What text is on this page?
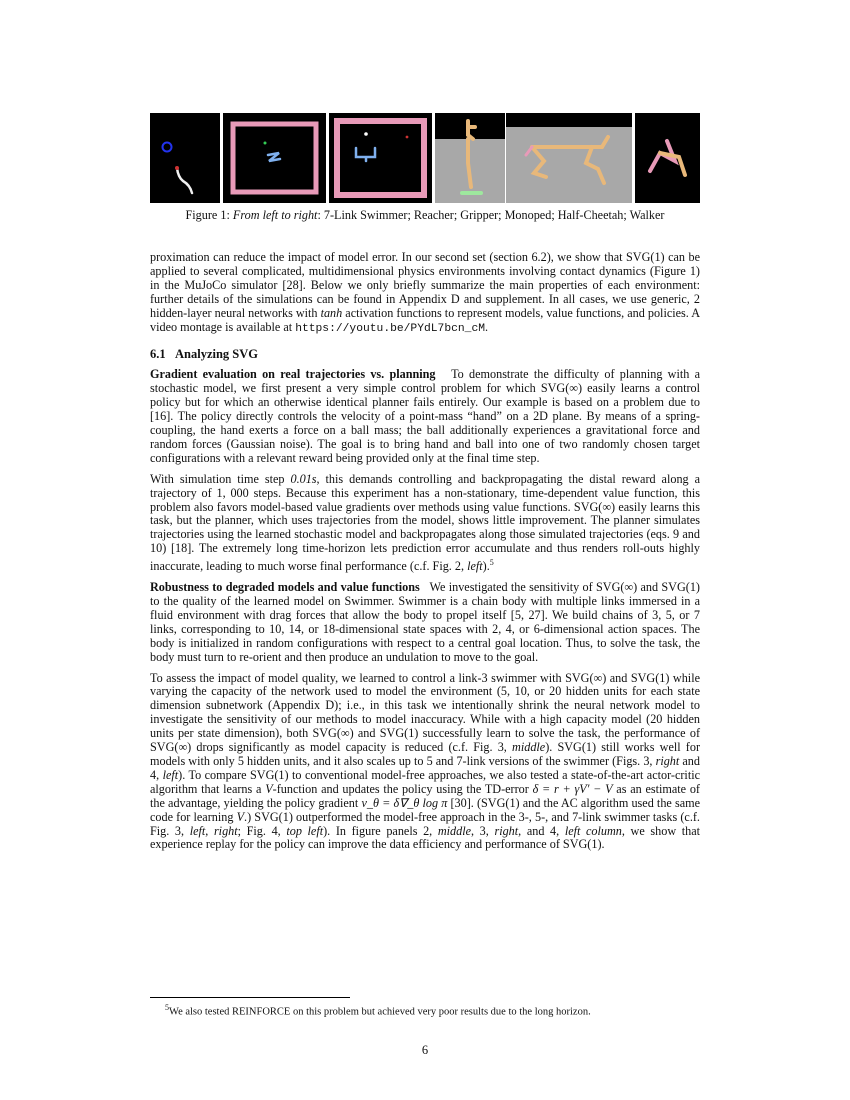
Figure 1: From left to right: 7-Link Swimmer; Reacher; Gripper; Monoped; Half-Cheetah; Walker

proximation can reduce the impact of model error. In our second set (section 6.2), we show that SVG(1) can be applied to several complicated, multidimensional physics environments involving contact dynamics (Figure 1) in the MuJoCo simulator [28]. Below we only briefly summarize the main properties of each environment: further details of the simulations can be found in Appendix D and supplement. In all cases, we use generic, 2 hidden-layer neural networks with tanh activation functions to represent models, value functions, and policies. A video montage is available at https://youtu.be/PYdL7bcn_cM.

6.1 Analyzing SVG

Gradient evaluation on real trajectories vs. planning To demonstrate the difficulty of planning with a stochastic model, we first present a very simple control problem for which SVG(∞) easily learns a control policy but for which an otherwise identical planner fails entirely. Our example is based on a problem due to [16]. The policy directly controls the velocity of a point-mass “hand” on a 2D plane. By means of a spring-coupling, the hand exerts a force on a ball mass; the ball additionally experiences a gravitational force and random forces (Gaussian noise). The goal is to bring hand and ball into one of two randomly chosen target configurations with a relevant reward being provided only at the final time step.

With simulation time step 0.01s, this demands controlling and backpropagating the distal reward along a trajectory of 1, 000 steps. Because this experiment has a non-stationary, time-dependent value function, this problem also favors model-based value gradients over methods using value functions. SVG(∞) easily learns this task, but the planner, which uses trajectories from the model, shows little improvement. The planner simulates trajectories using the learned stochastic model and backpropagates along those simulated trajectories (eqs. 9 and 10) [18]. The extremely long time-horizon lets prediction error accumulate and thus renders roll-outs highly inaccurate, leading to much worse final performance (c.f. Fig. 2, left).$^5$

Robustness to degraded models and value functions We investigated the sensitivity of SVG(∞) and SVG(1) to the quality of the learned model on Swimmer. Swimmer is a chain body with multiple links immersed in a fluid environment with drag forces that allow the body to propel itself [5, 27]. We build chains of 3, 5, or 7 links, corresponding to 10, 14, or 18-dimensional state spaces with 2, 4, or 6-dimensional action spaces. The body is initialized in random configurations with respect to a central goal location. Thus, to solve the task, the body must turn to re-orient and then produce an undulation to move to the goal.

To assess the impact of model quality, we learned to control a link-3 swimmer with SVG(∞) and SVG(1) while varying the capacity of the network used to model the environment (5, 10, or 20 hidden units for each state dimension subnetwork (Appendix D); i.e., in this task we intentionally shrink the neural network model to investigate the sensitivity of our methods to model inaccuracy. While with a high capacity model (20 hidden units per state dimension), both SVG(∞) and SVG(1) successfully learn to solve the task, the performance of SVG(∞) drops significantly as model capacity is reduced (c.f. Fig. 3, middle). SVG(1) still works well for models with only 5 hidden units, and it also scales up to 5 and 7-link versions of the swimmer (Figs. 3, right and 4, left). To compare SVG(1) to conventional model-free approaches, we also tested a state-of-the-art actor-critic algorithm that learns a V-function and updates the policy using the TD-error δ = r + γV′ − V as an estimate of the advantage, yielding the policy gradient v_θ = δ∇_θ log π [30]. (SVG(1) and the AC algorithm used the same code for learning V.) SVG(1) outperformed the model-free approach in the 3-, 5-, and 7-link swimmer tasks (c.f. Fig. 3, left, right; Fig. 4, top left). In figure panels 2, middle, 3, right, and 4, left column, we show that experience replay for the policy can improve the data efficiency and performance of SVG(1).

$^5$We also tested REINFORCE on this problem but achieved very poor results due to the long horizon.
6
